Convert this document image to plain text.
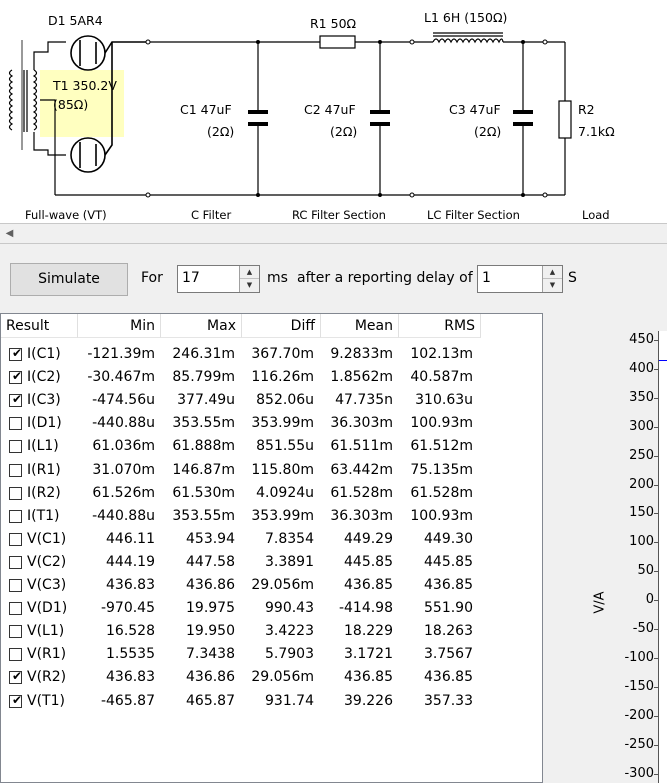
D1 5AR4
T1 350.2V
(85Ω)
R1 50Ω	L1 6H (150Ω)
C1 47uF
(2Ω)
C2 47uF
(2Ω)
C3 47uF
(2Ω)
R2
7.1kΩ
Full-wave (VT)	C Filter	RC Filter Section	LC Filter Section	Load
◀
Simulate	For 17	▲
▼	ms after a reporting delay of 1	▲
▼ S
Result	Min	Max	Diff	Mean	RMS
✔ I(C1) -121.39m 246.31m 367.70m 9.2833m 102.13m
✔ I(C2) -30.467m 85.799m 116.26m 1.8562m 40.587m
✔ I(C3) -474.56u 377.49u 852.06u 47.735n 310.63u
I(D1) -440.88u 353.55m 353.99m 36.303m 100.93m
I(L1) 61.036m 61.888m 851.55u 61.511m 61.512m
I(R1) 31.070m 146.87m 115.80m 63.442m 75.135m
I(R2) 61.526m 61.530m 4.0924u 61.528m 61.528m
I(T1) -440.88u 353.55m 353.99m 36.303m 100.93m
V(C1)	446.11 453.94 7.8354 449.29 449.30
V(C2)	444.19 447.58 3.3891 445.85 445.85
V(C3)	436.83 436.86 29.056m 436.85 436.85
V(D1) -970.45 19.975 990.43 -414.98 551.90
V(L1)	16.528 19.950 3.4223 18.229 18.263
V(R1)	1.5535 7.3438 5.7903 3.1721 3.7567
✔ V(R2)	436.83 436.86 29.056m 436.85 436.85
✔ V(T1)	-465.87 465.87 931.74 39.226 357.33
450
400
350
300
250
200
150
100
50
0
-50
-100
-150
-200
-250
-300
V/A
